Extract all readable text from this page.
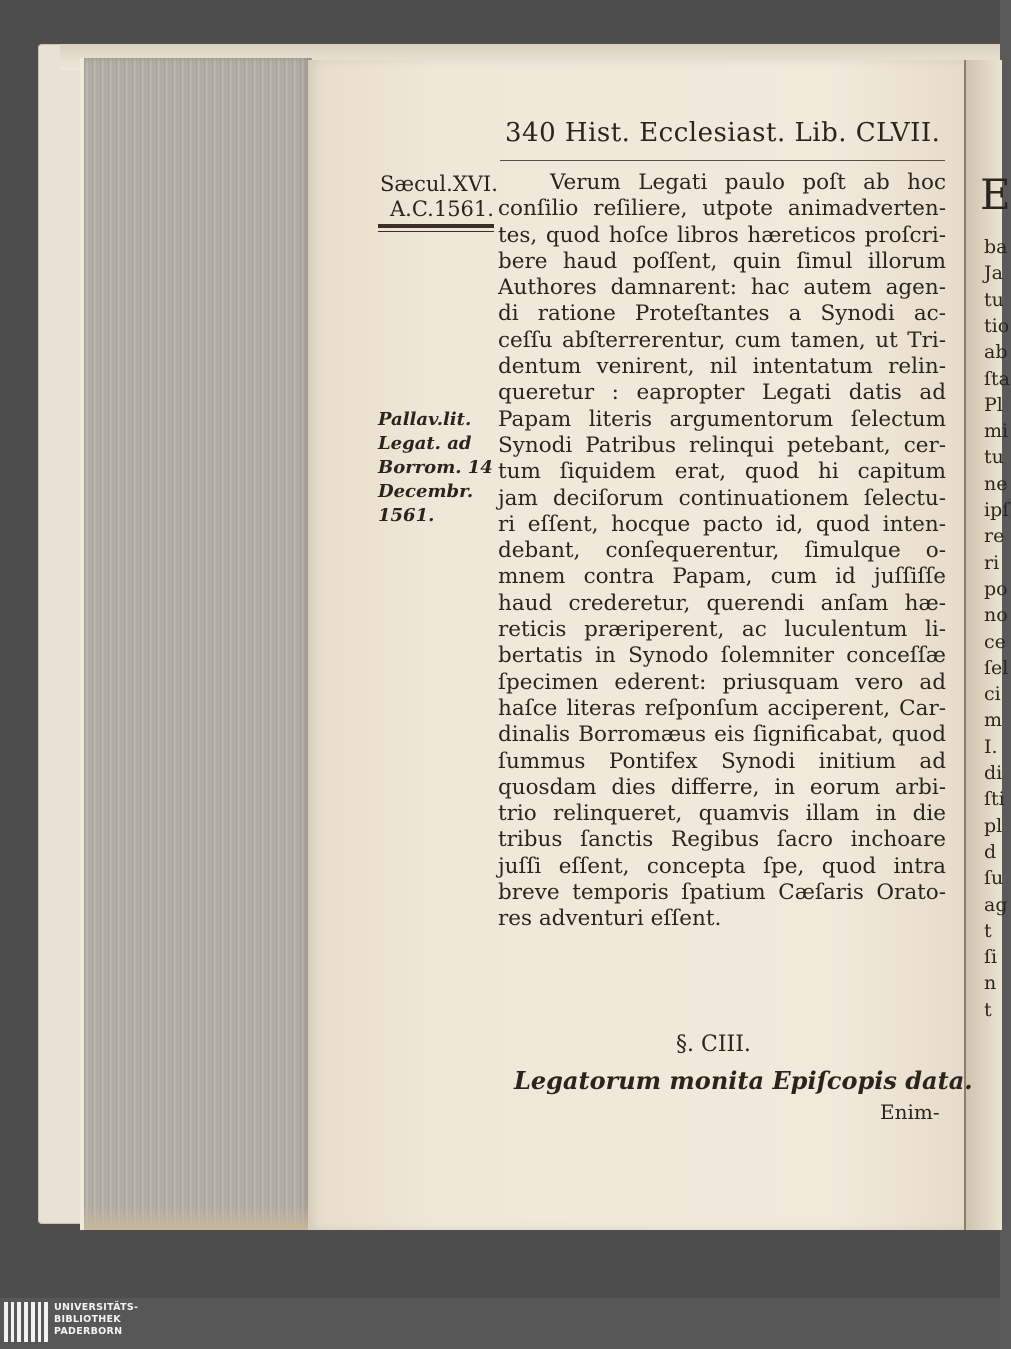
E
ba
Ja
tu
tio
ab
ſta
Pl
mi
tu
ne
ipſ
re
ri
po
no
ce
ſel
ci
m
I.
di
ſti
pl
d
ſu
ag
t
ſi
n
t
340 Hist. Ecclesiast. Lib. CLVII.
Sæcul.XVI.
A.C.1561.
Pallav.lit.
Legat. ad
Borrom. 14
Decembr.
1561.
Verum Legati paulo poſt ab hoc
conſilio reſiliere, utpote animadverten-
tes, quod hoſce libros hæreticos proſcri-
bere haud poſſent, quin ſimul illorum
Authores damnarent: hac autem agen-
di ratione Proteſtantes a Synodi ac-
ceſſu abſterrerentur, cum tamen, ut Tri-
dentum venirent, nil intentatum relin-
queretur : eapropter Legati datis ad
Papam literis argumentorum ſelectum
Synodi Patribus relinqui petebant, cer-
tum ſiquidem erat, quod hi capitum
jam deciſorum continuationem ſelectu-
ri eſſent, hocque pacto id, quod inten-
debant, conſequerentur, ſimulque o-
mnem contra Papam, cum id juſſiſſe
haud crederetur, querendi anſam hæ-
reticis præriperent, ac luculentum li-
bertatis in Synodo ſolemniter conceſſæ
ſpecimen ederent: priusquam vero ad
haſce literas reſponſum acciperent, Car-
dinalis Borromæus eis ſignificabat, quod
ſummus Pontifex Synodi initium ad
quosdam dies differre, in eorum arbi-
trio relinqueret, quamvis illam in die
tribus ſanctis Regibus ſacro inchoare
juſſi eſſent, concepta ſpe, quod intra
breve temporis ſpatium Cæſaris Orato-
res adventuri eſſent.
§. CIII.
Legatorum monita Epiſcopis data.
Enim-
UNIVERSITÄTS-
BIBLIOTHEK
PADERBORN
